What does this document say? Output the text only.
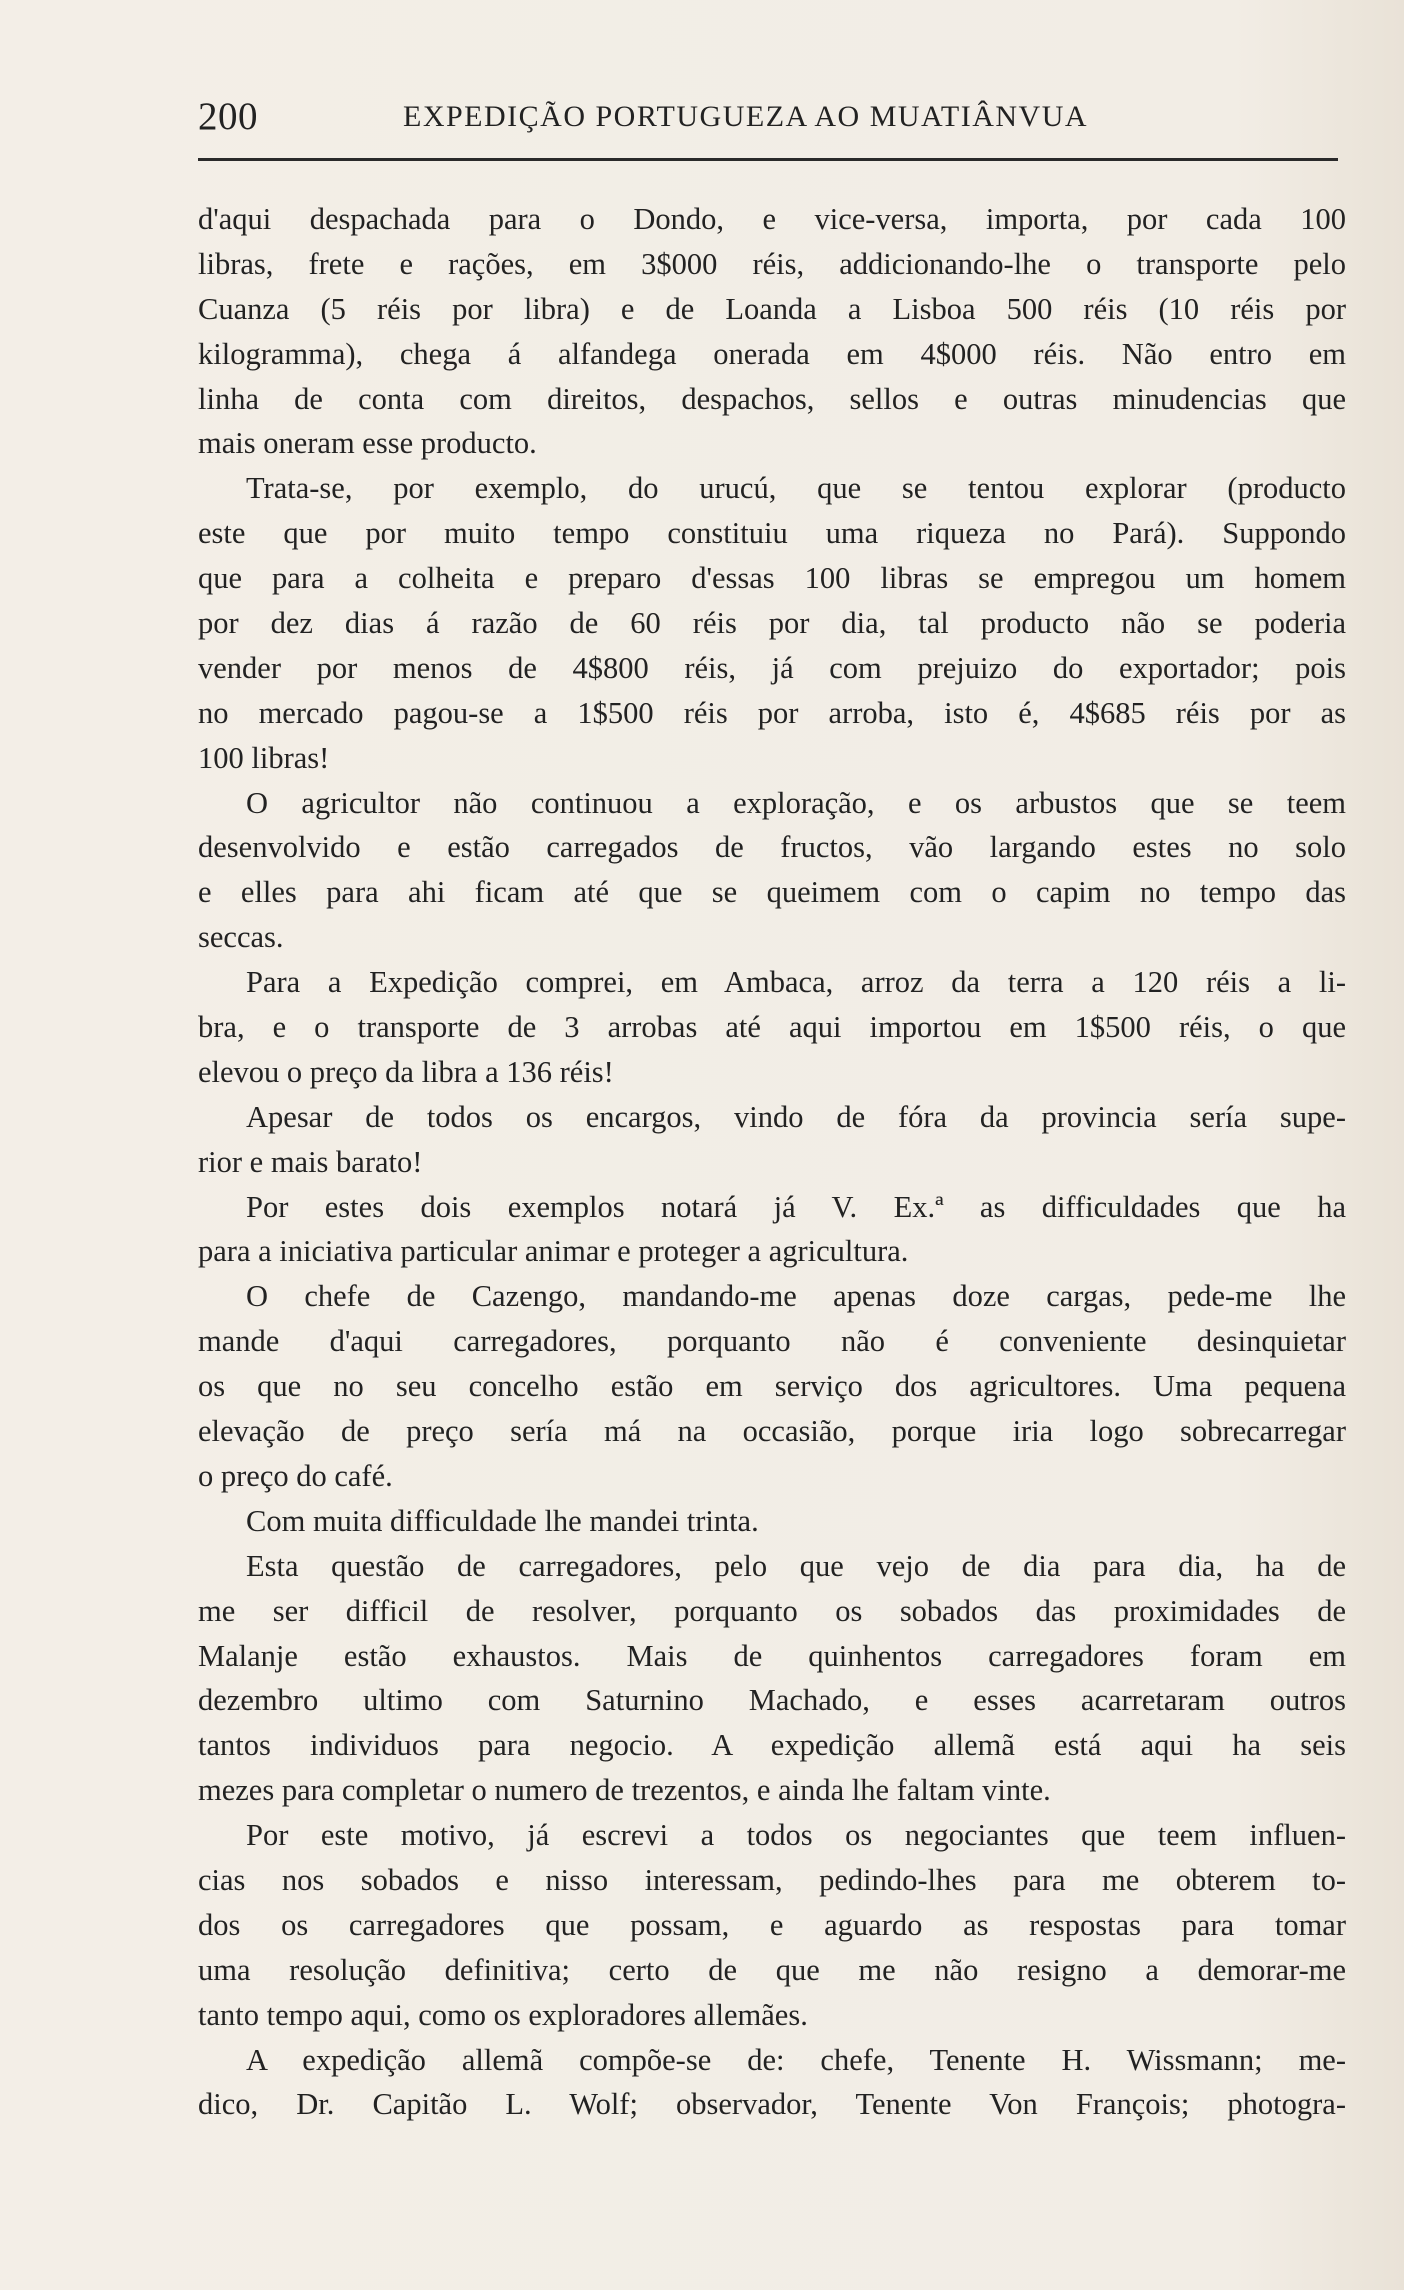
200	EXPEDIÇÃO PORTUGUEZA AO MUATIÂNVUA
d'aqui despachada para o Dondo, e vice-versa, importa, por cada 100
libras, frete e rações, em 3$000 réis, addicionando-lhe o transporte pelo
Cuanza (5 réis por libra) e de Loanda a Lisboa 500 réis (10 réis por
kilogramma), chega á alfandega onerada em 4$000 réis. Não entro em
linha de conta com direitos, despachos, sellos e outras minudencias que
mais oneram esse producto.
Trata-se, por exemplo, do urucú, que se tentou explorar (producto
este que por muito tempo constituiu uma riqueza no Pará). Suppondo
que para a colheita e preparo d'essas 100 libras se empregou um homem
por dez dias á razão de 60 réis por dia, tal producto não se poderia
vender por menos de 4$800 réis, já com prejuizo do exportador; pois
no mercado pagou-se a 1$500 réis por arroba, isto é, 4$685 réis por as
100 libras!
O agricultor não continuou a exploração, e os arbustos que se teem
desenvolvido e estão carregados de fructos, vão largando estes no solo
e elles para ahi ficam até que se queimem com o capim no tempo das
seccas.
Para a Expedição comprei, em Ambaca, arroz da terra a 120 réis a li-
bra, e o transporte de 3 arrobas até aqui importou em 1$500 réis, o que
elevou o preço da libra a 136 réis!
Apesar de todos os encargos, vindo de fóra da provincia sería supe-
rior e mais barato!
Por estes dois exemplos notará já V. Ex.ª as difficuldades que ha
para a iniciativa particular animar e proteger a agricultura.
O chefe de Cazengo, mandando-me apenas doze cargas, pede-me lhe
mande d'aqui carregadores, porquanto não é conveniente desinquietar
os que no seu concelho estão em serviço dos agricultores. Uma pequena
elevação de preço sería má na occasião, porque iria logo sobrecarregar
o preço do café.
Com muita difficuldade lhe mandei trinta.
Esta questão de carregadores, pelo que vejo de dia para dia, ha de
me ser difficil de resolver, porquanto os sobados das proximidades de
Malanje estão exhaustos. Mais de quinhentos carregadores foram em
dezembro ultimo com Saturnino Machado, e esses acarretaram outros
tantos individuos para negocio. A expedição allemã está aqui ha seis
mezes para completar o numero de trezentos, e ainda lhe faltam vinte.
Por este motivo, já escrevi a todos os negociantes que teem influen-
cias nos sobados e nisso interessam, pedindo-lhes para me obterem to-
dos os carregadores que possam, e aguardo as respostas para tomar
uma resolução definitiva; certo de que me não resigno a demorar-me
tanto tempo aqui, como os exploradores allemães.
A expedição allemã compõe-se de: chefe, Tenente H. Wissmann; me-
dico, Dr. Capitão L. Wolf; observador, Tenente Von François; photogra-
